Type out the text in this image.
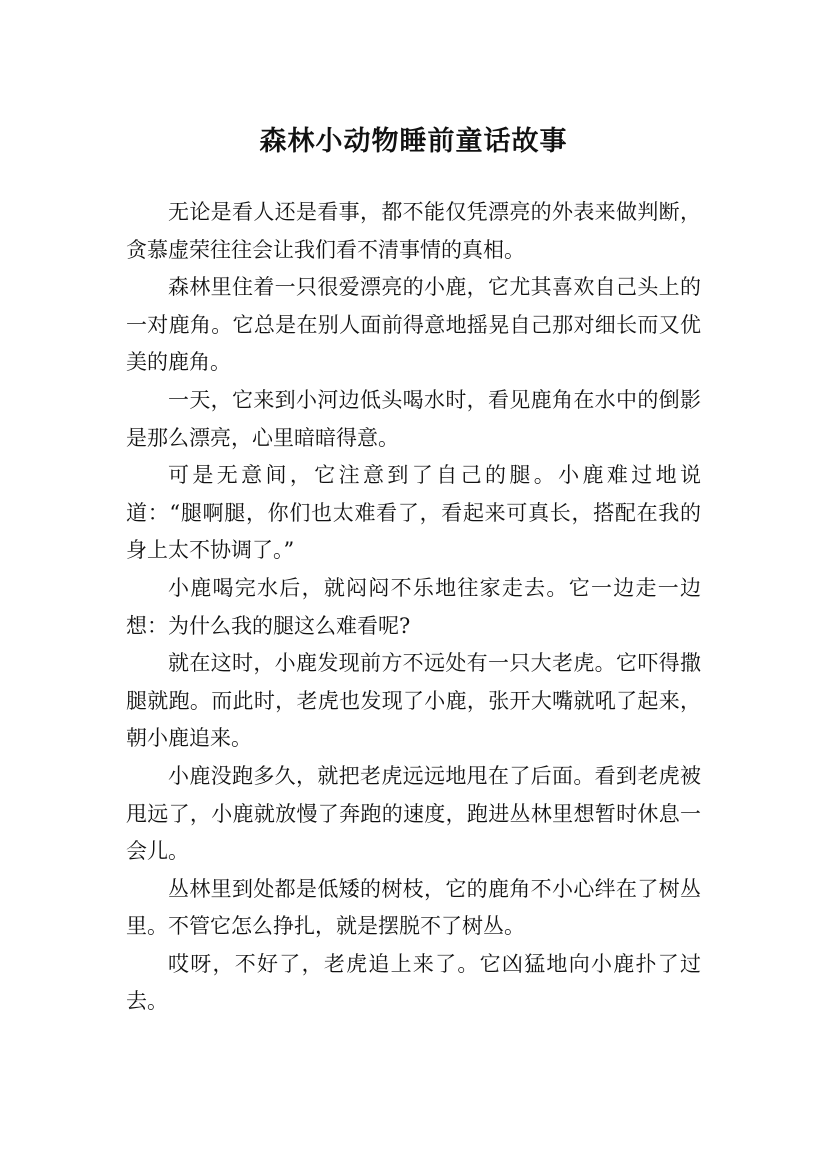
森林小动物睡前童话故事

无论是看人还是看事，都不能仅凭漂亮的外表来做判断，贪慕虚荣往往会让我们看不清事情的真相。

森林里住着一只很爱漂亮的小鹿，它尤其喜欢自己头上的一对鹿角。它总是在别人面前得意地摇晃自己那对细长而又优美的鹿角。

一天，它来到小河边低头喝水时，看见鹿角在水中的倒影是那么漂亮，心里暗暗得意。

可是无意间，它注意到了自己的腿。小鹿难过地说道：“腿啊腿，你们也太难看了，看起来可真长，搭配在我的身上太不协调了。”

小鹿喝完水后，就闷闷不乐地往家走去。它一边走一边想：为什么我的腿这么难看呢?

就在这时，小鹿发现前方不远处有一只大老虎。它吓得撒腿就跑。而此时，老虎也发现了小鹿，张开大嘴就吼了起来，朝小鹿追来。

小鹿没跑多久，就把老虎远远地甩在了后面。看到老虎被甩远了，小鹿就放慢了奔跑的速度，跑进丛林里想暂时休息一会儿。

丛林里到处都是低矮的树枝，它的鹿角不小心绊在了树丛里。不管它怎么挣扎，就是摆脱不了树丛。

哎呀，不好了，老虎追上来了。它凶猛地向小鹿扑了过去。
